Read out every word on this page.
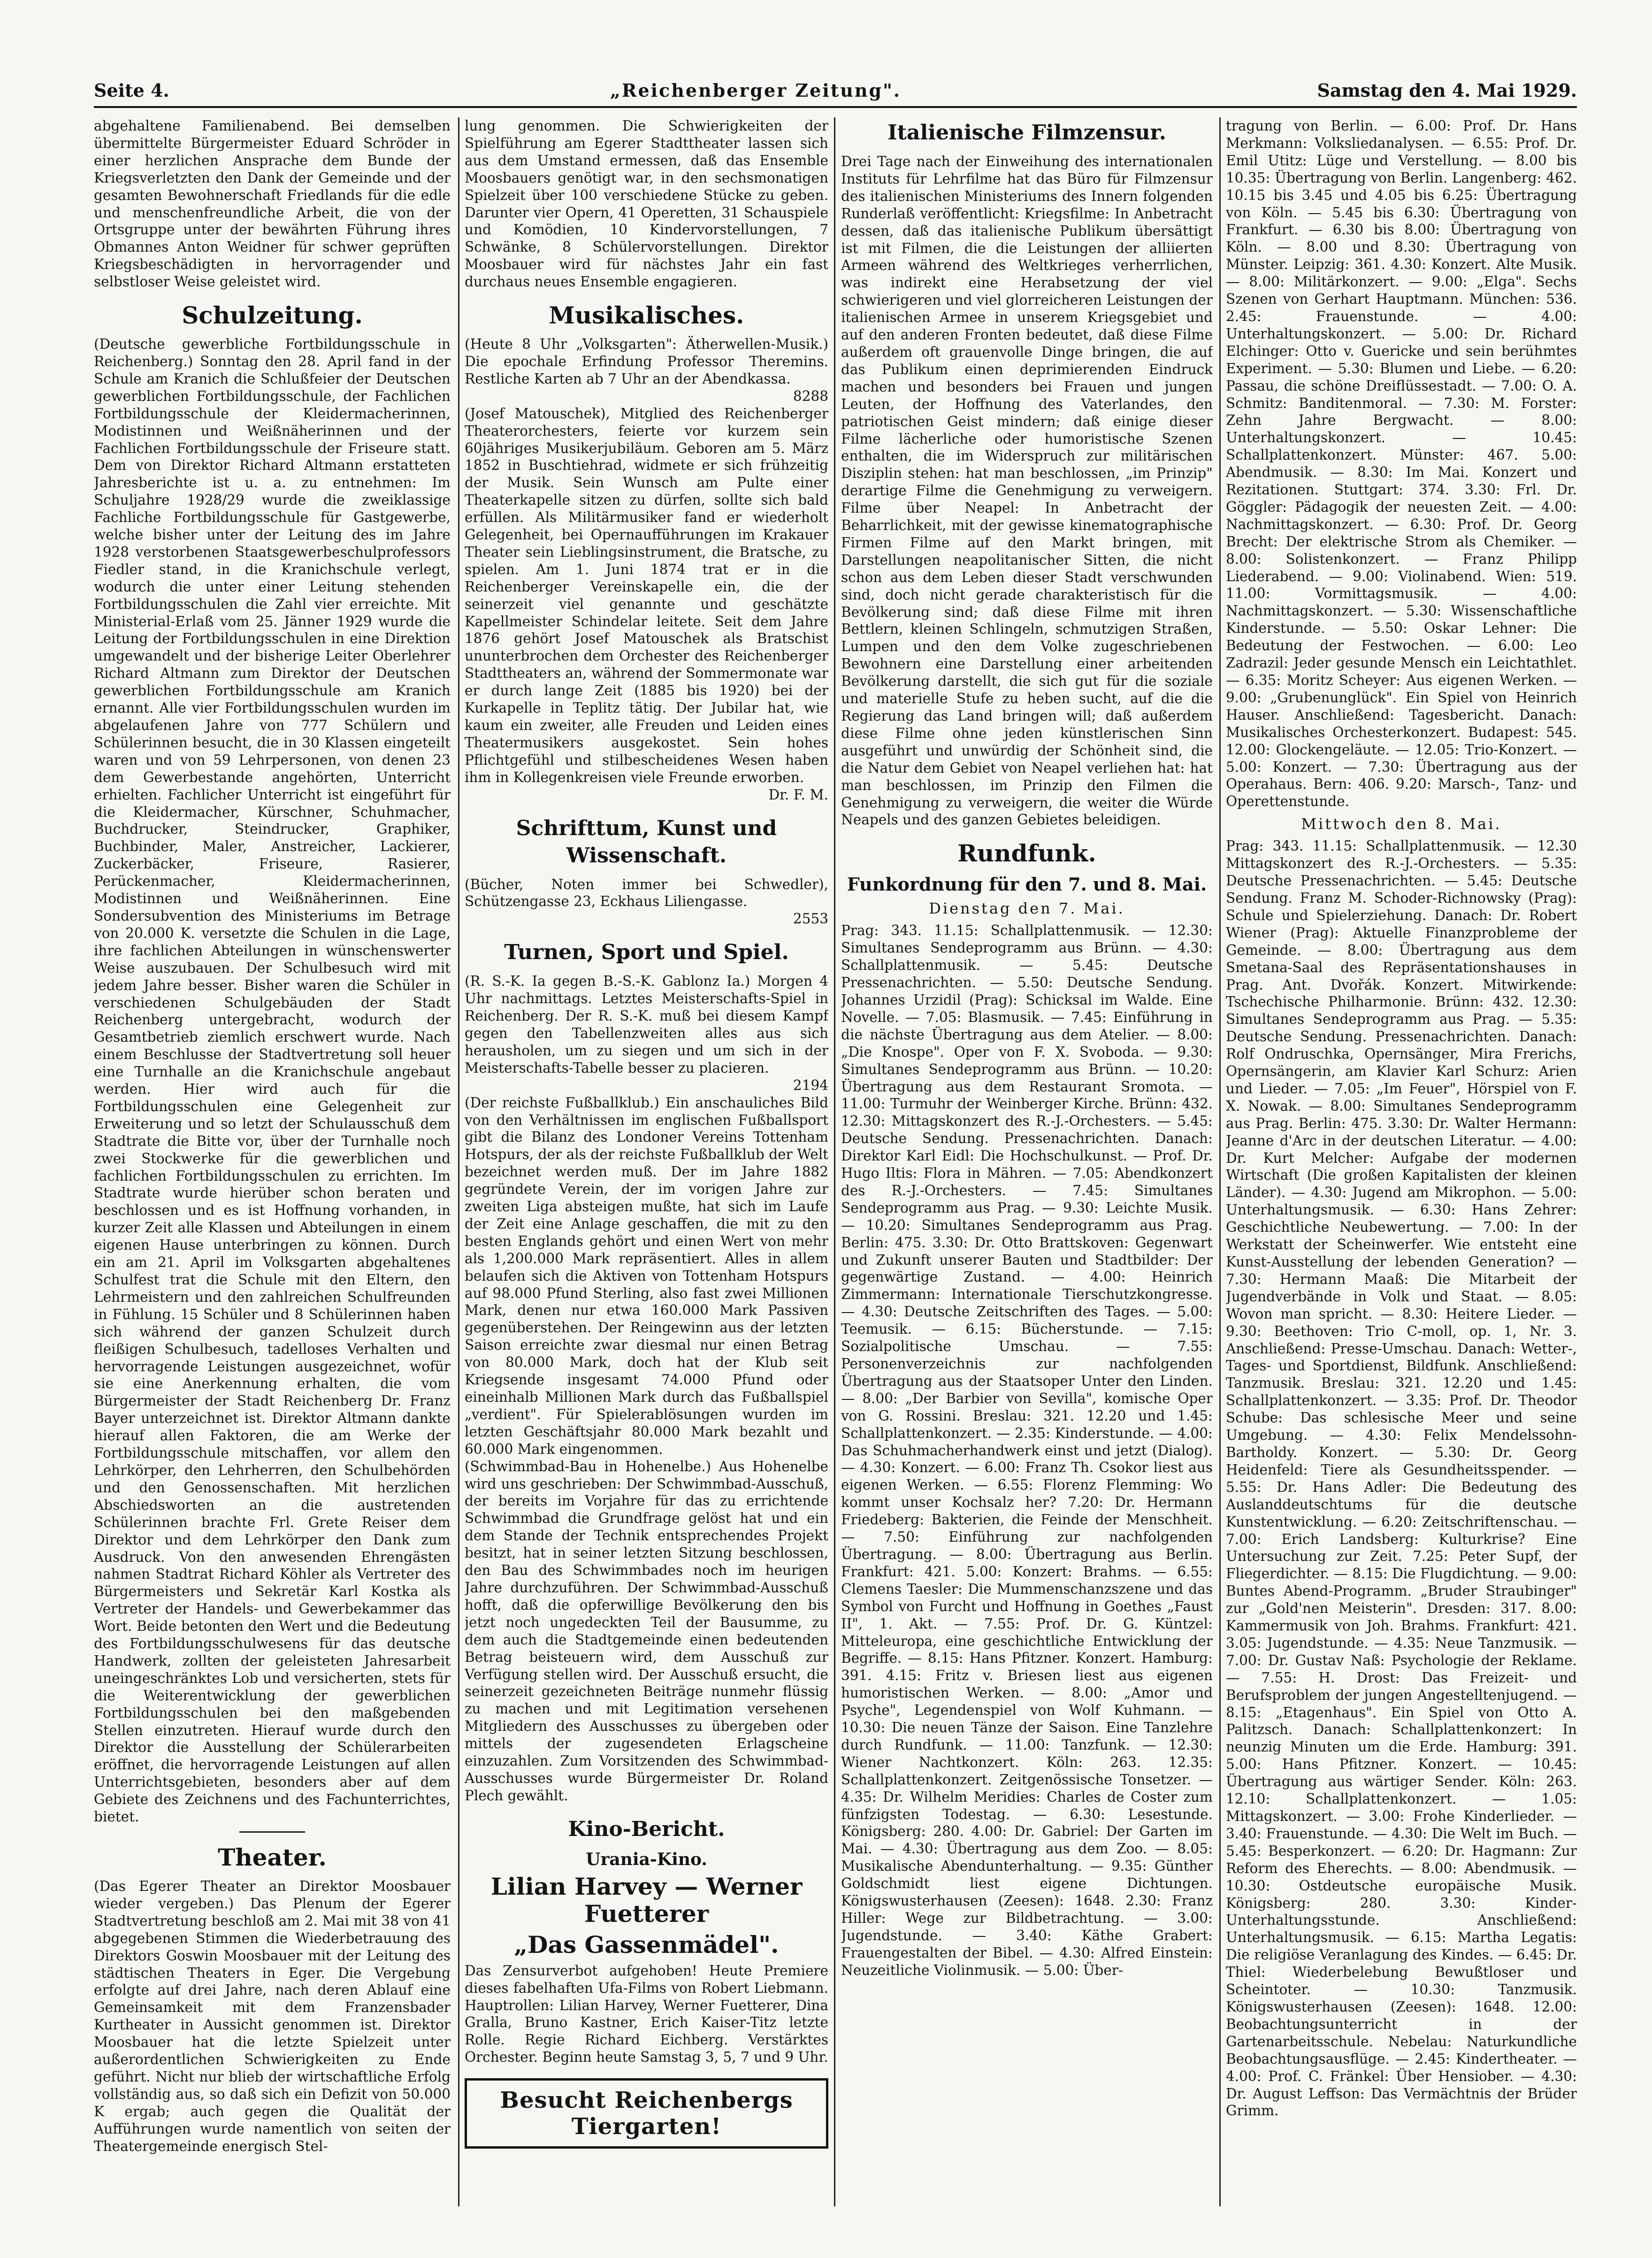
Seite 4.	„Reichenberger Zeitung".	Samstag den 4. Mai 1929.

abgehaltene Familienabend. Bei demselben übermittelte Bürgermeister Eduard Schröder in einer herzlichen Ansprache dem Bunde der Kriegsverletzten den Dank der Gemeinde und der gesamten Bewohnerschaft Friedlands für die edle und menschenfreundliche Arbeit, die von der Ortsgruppe unter der bewährten Führung ihres Obmannes Anton Weidner für schwer geprüften Kriegsbeschädigten in hervorragender und selbstloser Weise geleistet wird.

Schulzeitung.

(Deutsche gewerbliche Fortbildungsschule in Reichenberg.) Sonntag den 28. April fand in der Schule am Kranich die Schlußfeier der Deutschen gewerblichen Fortbildungsschule, der Fachlichen Fortbildungsschule der Kleidermacherinnen, Modistinnen und Weißnäherinnen und der Fachlichen Fortbildungsschule der Friseure statt. Dem von Direktor Richard Altmann erstatteten Jahresberichte ist u. a. zu entnehmen: Im Schuljahre 1928/29 wurde die zweiklassige Fachliche Fortbildungsschule für Gastgewerbe, welche bisher unter der Leitung des im Jahre 1928 verstorbenen Staatsgewerbeschulprofessors Fiedler stand, in die Kranichschule verlegt, wodurch die unter einer Leitung stehenden Fortbildungsschulen die Zahl vier erreichte. Mit Ministerial-Erlaß vom 25. Jänner 1929 wurde die Leitung der Fortbildungsschulen in eine Direktion umgewandelt und der bisherige Leiter Oberlehrer Richard Altmann zum Direktor der Deutschen gewerblichen Fortbildungsschule am Kranich ernannt. Alle vier Fortbildungsschulen wurden im abgelaufenen Jahre von 777 Schülern und Schülerinnen besucht, die in 30 Klassen eingeteilt waren und von 59 Lehrpersonen, von denen 23 dem Gewerbestande angehörten, Unterricht erhielten. Fachlicher Unterricht ist eingeführt für die Kleidermacher, Kürschner, Schuhmacher, Buchdrucker, Steindrucker, Graphiker, Buchbinder, Maler, Anstreicher, Lackierer, Zuckerbäcker, Friseure, Rasierer, Perückenmacher, Kleidermacherinnen, Modistinnen und Weißnäherinnen. Eine Sondersubvention des Ministeriums im Betrage von 20.000 K. versetzte die Schulen in die Lage, ihre fachlichen Abteilungen in wünschenswerter Weise auszubauen. Der Schulbesuch wird mit jedem Jahre besser. Bisher waren die Schüler in verschiedenen Schulgebäuden der Stadt Reichenberg untergebracht, wodurch der Gesamtbetrieb ziemlich erschwert wurde. Nach einem Beschlusse der Stadtvertretung soll heuer eine Turnhalle an die Kranichschule angebaut werden. Hier wird auch für die Fortbildungsschulen eine Gelegenheit zur Erweiterung und so letzt der Schulausschuß dem Stadtrate die Bitte vor, über der Turnhalle noch zwei Stockwerke für die gewerblichen und fachlichen Fortbildungsschulen zu errichten. Im Stadtrate wurde hierüber schon beraten und beschlossen und es ist Hoffnung vorhanden, in kurzer Zeit alle Klassen und Abteilungen in einem eigenen Hause unterbringen zu können. Durch ein am 21. April im Volksgarten abgehaltenes Schulfest trat die Schule mit den Eltern, den Lehrmeistern und den zahlreichen Schulfreunden in Fühlung. 15 Schüler und 8 Schülerinnen haben sich während der ganzen Schulzeit durch fleißigen Schulbesuch, tadelloses Verhalten und hervorragende Leistungen ausgezeichnet, wofür sie eine Anerkennung erhalten, die vom Bürgermeister der Stadt Reichenberg Dr. Franz Bayer unterzeichnet ist. Direktor Altmann dankte hierauf allen Faktoren, die am Werke der Fortbildungsschule mitschaffen, vor allem den Lehrkörper, den Lehrherren, den Schulbehörden und den Genossenschaften. Mit herzlichen Abschiedsworten an die austretenden Schülerinnen brachte Frl. Grete Reiser dem Direktor und dem Lehrkörper den Dank zum Ausdruck. Von den anwesenden Ehrengästen nahmen Stadtrat Richard Köhler als Vertreter des Bürgermeisters und Sekretär Karl Kostka als Vertreter der Handels- und Gewerbekammer das Wort. Beide betonten den Wert und die Bedeutung des Fortbildungsschulwesens für das deutsche Handwerk, zollten der geleisteten Jahresarbeit uneingeschränktes Lob und versicherten, stets für die Weiterentwicklung der gewerblichen Fortbildungsschulen bei den maßgebenden Stellen einzutreten. Hierauf wurde durch den Direktor die Ausstellung der Schülerarbeiten eröffnet, die hervorragende Leistungen auf allen Unterrichtsgebieten, besonders aber auf dem Gebiete des Zeichnens und des Fachunterrichtes, bietet.

Theater.

(Das Egerer Theater an Direktor Moosbauer wieder vergeben.) Das Plenum der Egerer Stadtvertretung beschloß am 2. Mai mit 38 von 41 abgegebenen Stimmen die Wiederbetrauung des Direktors Goswin Moosbauer mit der Leitung des städtischen Theaters in Eger. Die Vergebung erfolgte auf drei Jahre, nach deren Ablauf eine Gemeinsamkeit mit dem Franzensbader Kurtheater in Aussicht genommen ist. Direktor Moosbauer hat die letzte Spielzeit unter außerordentlichen Schwierigkeiten zu Ende geführt. Nicht nur blieb der wirtschaftliche Erfolg vollständig aus, so daß sich ein Defizit von 50.000 K ergab; auch gegen die Qualität der Aufführungen wurde namentlich von seiten der Theatergemeinde energisch Stel-

lung genommen. Die Schwierigkeiten der Spielführung am Egerer Stadttheater lassen sich aus dem Umstand ermessen, daß das Ensemble Moosbauers genötigt war, in den sechsmonatigen Spielzeit über 100 verschiedene Stücke zu geben. Darunter vier Opern, 41 Operetten, 31 Schauspiele und Komödien, 10 Kindervorstellungen, 7 Schwänke, 8 Schülervorstellungen. Direktor Moosbauer wird für nächstes Jahr ein fast durchaus neues Ensemble engagieren.

Musikalisches.

(Heute 8 Uhr „Volksgarten": Ätherwellen-Musik.) Die epochale Erfindung Professor Theremins. Restliche Karten ab 7 Uhr an der Abendkassa.

8288

(Josef Matouschek), Mitglied des Reichenberger Theaterorchesters, feierte vor kurzem sein 60jähriges Musikerjubiläum. Geboren am 5. März 1852 in Buschtiehrad, widmete er sich frühzeitig der Musik. Sein Wunsch am Pulte einer Theaterkapelle sitzen zu dürfen, sollte sich bald erfüllen. Als Militärmusiker fand er wiederholt Gelegenheit, bei Opernaufführungen im Krakauer Theater sein Lieblingsinstrument, die Bratsche, zu spielen. Am 1. Juni 1874 trat er in die Reichenberger Vereinskapelle ein, die der seinerzeit viel genannte und geschätzte Kapellmeister Schindelar leitete. Seit dem Jahre 1876 gehört Josef Matouschek als Bratschist ununterbrochen dem Orchester des Reichenberger Stadttheaters an, während der Sommermonate war er durch lange Zeit (1885 bis 1920) bei der Kurkapelle in Teplitz tätig. Der Jubilar hat, wie kaum ein zweiter, alle Freuden und Leiden eines Theatermusikers ausgekostet. Sein hohes Pflichtgefühl und stilbescheidenes Wesen haben ihm in Kollegenkreisen viele Freunde erworben.

Dr. F. M.

Schrifttum, Kunst und Wissenschaft.

(Bücher, Noten immer bei Schwedler), Schützengasse 23, Eckhaus Liliengasse.

2553

Turnen, Sport und Spiel.

(R. S.-K. Ia gegen B.-S.-K. Gablonz Ia.) Morgen 4 Uhr nachmittags. Letztes Meisterschafts-Spiel in Reichenberg. Der R. S.-K. muß bei diesem Kampf gegen den Tabellenzweiten alles aus sich herausholen, um zu siegen und um sich in der Meisterschafts-Tabelle besser zu placieren.

2194

(Der reichste Fußballklub.) Ein anschauliches Bild von den Verhältnissen im englischen Fußballsport gibt die Bilanz des Londoner Vereins Tottenham Hotspurs, der als der reichste Fußballklub der Welt bezeichnet werden muß. Der im Jahre 1882 gegründete Verein, der im vorigen Jahre zur zweiten Liga absteigen mußte, hat sich im Laufe der Zeit eine Anlage geschaffen, die mit zu den besten Englands gehört und einen Wert von mehr als 1,200.000 Mark repräsentiert. Alles in allem belaufen sich die Aktiven von Tottenham Hotspurs auf 98.000 Pfund Sterling, also fast zwei Millionen Mark, denen nur etwa 160.000 Mark Passiven gegenüberstehen. Der Reingewinn aus der letzten Saison erreichte zwar diesmal nur einen Betrag von 80.000 Mark, doch hat der Klub seit Kriegsende insgesamt 74.000 Pfund oder eineinhalb Millionen Mark durch das Fußballspiel „verdient". Für Spielerablösungen wurden im letzten Geschäftsjahr 80.000 Mark bezahlt und 60.000 Mark eingenommen.

(Schwimmbad-Bau in Hohenelbe.) Aus Hohenelbe wird uns geschrieben: Der Schwimmbad-Ausschuß, der bereits im Vorjahre für das zu errichtende Schwimmbad die Grundfrage gelöst hat und ein dem Stande der Technik entsprechendes Projekt besitzt, hat in seiner letzten Sitzung beschlossen, den Bau des Schwimmbades noch im heurigen Jahre durchzuführen. Der Schwimmbad-Ausschuß hofft, daß die opferwillige Bevölkerung den bis jetzt noch ungedeckten Teil der Bausumme, zu dem auch die Stadtgemeinde einen bedeutenden Betrag beisteuern wird, dem Ausschuß zur Verfügung stellen wird. Der Ausschuß ersucht, die seinerzeit gezeichneten Beiträge nunmehr flüssig zu machen und mit Legitimation versehenen Mitgliedern des Ausschusses zu übergeben oder mittels der zugesendeten Erlagscheine einzuzahlen. Zum Vorsitzenden des Schwimmbad-Ausschusses wurde Bürgermeister Dr. Roland Plech gewählt.

Kino-Bericht.
Urania-Kino.
Lilian Harvey — Werner Fuetterer
„Das Gassenmädel".

Das Zensurverbot aufgehoben! Heute Premiere dieses fabelhaften Ufa-Films von Robert Liebmann. Hauptrollen: Lilian Harvey, Werner Fuetterer, Dina Gralla, Bruno Kastner, Erich Kaiser-Titz letzte Rolle. Regie Richard Eichberg. Verstärktes Orchester. Beginn heute Samstag 3, 5, 7 und 9 Uhr.

Besucht Reichenbergs Tiergarten!
Italienische Filmzensur.

Drei Tage nach der Einweihung des internationalen Instituts für Lehrfilme hat das Büro für Filmzensur des italienischen Ministeriums des Innern folgenden Runderlaß veröffentlicht: Kriegsfilme: In Anbetracht dessen, daß das italienische Publikum übersättigt ist mit Filmen, die die Leistungen der alliierten Armeen während des Weltkrieges verherrlichen, was indirekt eine Herabsetzung der viel schwierigeren und viel glorreicheren Leistungen der italienischen Armee in unserem Kriegsgebiet und auf den anderen Fronten bedeutet, daß diese Filme außerdem oft grauenvolle Dinge bringen, die auf das Publikum einen deprimierenden Eindruck machen und besonders bei Frauen und jungen Leuten, der Hoffnung des Vaterlandes, den patriotischen Geist mindern; daß einige dieser Filme lächerliche oder humoristische Szenen enthalten, die im Widerspruch zur militärischen Disziplin stehen: hat man beschlossen, „im Prinzip" derartige Filme die Genehmigung zu verweigern. Filme über Neapel: In Anbetracht der Beharrlichkeit, mit der gewisse kinematographische Firmen Filme auf den Markt bringen, mit Darstellungen neapolitanischer Sitten, die nicht schon aus dem Leben dieser Stadt verschwunden sind, doch nicht gerade charakteristisch für die Bevölkerung sind; daß diese Filme mit ihren Bettlern, kleinen Schlingeln, schmutzigen Straßen, Lumpen und den dem Volke zugeschriebenen Bewohnern eine Darstellung einer arbeitenden Bevölkerung darstellt, die sich gut für die soziale und materielle Stufe zu heben sucht, auf die die Regierung das Land bringen will; daß außerdem diese Filme ohne jeden künstlerischen Sinn ausgeführt und unwürdig der Schönheit sind, die die Natur dem Gebiet von Neapel verliehen hat: hat man beschlossen, im Prinzip den Filmen die Genehmigung zu verweigern, die weiter die Würde Neapels und des ganzen Gebietes beleidigen.

Rundfunk.
Funkordnung für den 7. und 8. Mai.
Dienstag den 7. Mai.

Prag: 343. 11.15: Schallplattenmusik. — 12.30: Simultanes Sendeprogramm aus Brünn. — 4.30: Schallplattenmusik. — 5.45: Deutsche Pressenachrichten. — 5.50: Deutsche Sendung. Johannes Urzidil (Prag): Schicksal im Walde. Eine Novelle. — 7.05: Blasmusik. — 7.45: Einführung in die nächste Übertragung aus dem Atelier. — 8.00: „Die Knospe". Oper von F. X. Svoboda. — 9.30: Simultanes Sendeprogramm aus Brünn. — 10.20: Übertragung aus dem Restaurant Sromota. — 11.00: Turmuhr der Weinberger Kirche. Brünn: 432. 12.30: Mittagskonzert des R.-J.-Orchesters. — 5.45: Deutsche Sendung. Pressenachrichten. Danach: Direktor Karl Eidl: Die Hochschulkunst. — Prof. Dr. Hugo Iltis: Flora in Mähren. — 7.05: Abendkonzert des R.-J.-Orchesters. — 7.45: Simultanes Sendeprogramm aus Prag. — 9.30: Leichte Musik. — 10.20: Simultanes Sendeprogramm aus Prag. Berlin: 475. 3.30: Dr. Otto Brattskoven: Gegenwart und Zukunft unserer Bauten und Stadtbilder: Der gegenwärtige Zustand. — 4.00: Heinrich Zimmermann: Internationale Tierschutzkongresse. — 4.30: Deutsche Zeitschriften des Tages. — 5.00: Teemusik. — 6.15: Bücherstunde. — 7.15: Sozialpolitische Umschau. — 7.55: Personenverzeichnis zur nachfolgenden Übertragung aus der Staatsoper Unter den Linden. — 8.00: „Der Barbier von Sevilla", komische Oper von G. Rossini. Breslau: 321. 12.20 und 1.45: Schallplattenkonzert. — 2.35: Kinderstunde. — 4.00: Das Schuhmacherhandwerk einst und jetzt (Dialog). — 4.30: Konzert. — 6.00: Franz Th. Csokor liest aus eigenen Werken. — 6.55: Florenz Flemming: Wo kommt unser Kochsalz her? 7.20: Dr. Hermann Friedeberg: Bakterien, die Feinde der Menschheit. — 7.50: Einführung zur nachfolgenden Übertragung. — 8.00: Übertragung aus Berlin. Frankfurt: 421. 5.00: Konzert: Brahms. — 6.55: Clemens Taesler: Die Mummenschanzszene und das Symbol von Furcht und Hoffnung in Goethes „Faust II", 1. Akt. — 7.55: Prof. Dr. G. Küntzel: Mitteleuropa, eine geschichtliche Entwicklung der Begriffe. — 8.15: Hans Pfitzner. Konzert. Hamburg: 391. 4.15: Fritz v. Briesen liest aus eigenen humoristischen Werken. — 8.00: „Amor und Psyche", Legendenspiel von Wolf Kuhmann. — 10.30: Die neuen Tänze der Saison. Eine Tanzlehre durch Rundfunk. — 11.00: Tanzfunk. — 12.30: Wiener Nachtkonzert. Köln: 263. 12.35: Schallplattenkonzert. Zeitgenössische Tonsetzer. — 4.35: Dr. Wilhelm Meridies: Charles de Coster zum fünfzigsten Todestag. — 6.30: Lesestunde. Königsberg: 280. 4.00: Dr. Gabriel: Der Garten im Mai. — 4.30: Übertragung aus dem Zoo. — 8.05: Musikalische Abendunterhaltung. — 9.35: Günther Goldschmidt liest eigene Dichtungen. Königswusterhausen (Zeesen): 1648. 2.30: Franz Hiller: Wege zur Bildbetrachtung. — 3.00: Jugendstunde. — 3.40: Käthe Grabert: Frauengestalten der Bibel. — 4.30: Alfred Einstein: Neuzeitliche Violinmusik. — 5.00: Über-

tragung von Berlin. — 6.00: Prof. Dr. Hans Merkmann: Volksliedanalysen. — 6.55: Prof. Dr. Emil Utitz: Lüge und Verstellung. — 8.00 bis 10.35: Übertragung von Berlin. Langenberg: 462. 10.15 bis 3.45 und 4.05 bis 6.25: Übertragung von Köln. — 5.45 bis 6.30: Übertragung von Frankfurt. — 6.30 bis 8.00: Übertragung von Köln. — 8.00 und 8.30: Übertragung von Münster. Leipzig: 361. 4.30: Konzert. Alte Musik. — 8.00: Militärkonzert. — 9.00: „Elga". Sechs Szenen von Gerhart Hauptmann. München: 536. 2.45: Frauenstunde. — 4.00: Unterhaltungskonzert. — 5.00: Dr. Richard Elchinger: Otto v. Guericke und sein berühmtes Experiment. — 5.30: Blumen und Liebe. — 6.20: Passau, die schöne Dreiflüssestadt. — 7.00: O. A. Schmitz: Banditenmoral. — 7.30: M. Forster: Zehn Jahre Bergwacht. — 8.00: Unterhaltungskonzert. — 10.45: Schallplattenkonzert. Münster: 467. 5.00: Abendmusik. — 8.30: Im Mai. Konzert und Rezitationen. Stuttgart: 374. 3.30: Frl. Dr. Göggler: Pädagogik der neuesten Zeit. — 4.00: Nachmittagskonzert. — 6.30: Prof. Dr. Georg Brecht: Der elektrische Strom als Chemiker. — 8.00: Solistenkonzert. — Franz Philipp Liederabend. — 9.00: Violinabend. Wien: 519. 11.00: Vormittagsmusik. — 4.00: Nachmittagskonzert. — 5.30: Wissenschaftliche Kinderstunde. — 5.50: Oskar Lehner: Die Bedeutung der Festwochen. — 6.00: Leo Zadrazil: Jeder gesunde Mensch ein Leichtathlet. — 6.35: Moritz Scheyer: Aus eigenen Werken. — 9.00: „Grubenunglück". Ein Spiel von Heinrich Hauser. Anschließend: Tagesbericht. Danach: Musikalisches Orchesterkonzert. Budapest: 545. 12.00: Glockengeläute. — 12.05: Trio-Konzert. — 5.00: Konzert. — 7.30: Übertragung aus der Operahaus. Bern: 406. 9.20: Marsch-, Tanz- und Operettenstunde.

Mittwoch den 8. Mai.

Prag: 343. 11.15: Schallplattenmusik. — 12.30 Mittagskonzert des R.-J.-Orchesters. — 5.35: Deutsche Pressenachrichten. — 5.45: Deutsche Sendung. Franz M. Schoder-Richnowsky (Prag): Schule und Spielerziehung. Danach: Dr. Robert Wiener (Prag): Aktuelle Finanzprobleme der Gemeinde. — 8.00: Übertragung aus dem Smetana-Saal des Repräsentationshauses in Prag. Ant. Dvořák. Konzert. Mitwirkende: Tschechische Philharmonie. Brünn: 432. 12.30: Simultanes Sendeprogramm aus Prag. — 5.35: Deutsche Sendung. Pressenachrichten. Danach: Rolf Ondruschka, Opernsänger, Mira Frerichs, Opernsängerin, am Klavier Karl Schurz: Arien und Lieder. — 7.05: „Im Feuer", Hörspiel von F. X. Nowak. — 8.00: Simultanes Sendeprogramm aus Prag. Berlin: 475. 3.30: Dr. Walter Hermann: Jeanne d'Arc in der deutschen Literatur. — 4.00: Dr. Kurt Melcher: Aufgabe der modernen Wirtschaft (Die großen Kapitalisten der kleinen Länder). — 4.30: Jugend am Mikrophon. — 5.00: Unterhaltungsmusik. — 6.30: Hans Zehrer: Geschichtliche Neubewertung. — 7.00: In der Werkstatt der Scheinwerfer. Wie entsteht eine Kunst-Ausstellung der lebenden Generation? — 7.30: Hermann Maaß: Die Mitarbeit der Jugendverbände in Volk und Staat. — 8.05: Wovon man spricht. — 8.30: Heitere Lieder. — 9.30: Beethoven: Trio C-moll, op. 1, Nr. 3. Anschließend: Presse-Umschau. Danach: Wetter-, Tages- und Sportdienst, Bildfunk. Anschließend: Tanzmusik. Breslau: 321. 12.20 und 1.45: Schallplattenkonzert. — 3.35: Prof. Dr. Theodor Schube: Das schlesische Meer und seine Umgebung. — 4.30: Felix Mendelssohn-Bartholdy. Konzert. — 5.30: Dr. Georg Heidenfeld: Tiere als Gesundheitsspender. — 5.55: Dr. Hans Adler: Die Bedeutung des Auslanddeutschtums für die deutsche Kunstentwicklung. — 6.20: Zeitschriftenschau. — 7.00: Erich Landsberg: Kulturkrise? Eine Untersuchung zur Zeit. 7.25: Peter Supf, der Fliegerdichter. — 8.15: Die Flugdichtung. — 9.00: Buntes Abend-Programm. „Bruder Straubinger" zur „Gold'nen Meisterin". Dresden: 317. 8.00: Kammermusik von Joh. Brahms. Frankfurt: 421. 3.05: Jugendstunde. — 4.35: Neue Tanzmusik. — 7.00: Dr. Gustav Naß: Psychologie der Reklame. — 7.55: H. Drost: Das Freizeit- und Berufsproblem der jungen Angestelltenjugend. — 8.15: „Etagenhaus". Ein Spiel von Otto A. Palitzsch. Danach: Schallplattenkonzert: In neunzig Minuten um die Erde. Hamburg: 391. 5.00: Hans Pfitzner. Konzert. — 10.45: Übertragung aus wärtiger Sender. Köln: 263. 12.10: Schallplattenkonzert. — 1.05: Mittagskonzert. — 3.00: Frohe Kinderlieder. — 3.40: Frauenstunde. — 4.30: Die Welt im Buch. — 5.45: Besperkonzert. — 6.20: Dr. Hagmann: Zur Reform des Eherechts. — 8.00: Abendmusik. — 10.30: Ostdeutsche europäische Musik. Königsberg: 280. 3.30: Kinder-Unterhaltungsstunde. Anschließend: Unterhaltungsmusik. — 6.15: Martha Legatis: Die religiöse Veranlagung des Kindes. — 6.45: Dr. Thiel: Wiederbelebung Bewußtloser und Scheintoter. — 10.30: Tanzmusik. Königswusterhausen (Zeesen): 1648. 12.00: Beobachtungsunterricht in der Gartenarbeitsschule. Nebelau: Naturkundliche Beobachtungsausflüge. — 2.45: Kindertheater. — 4.00: Prof. C. Fränkel: Über Hensiober. — 4.30: Dr. August Leffson: Das Vermächtnis der Brüder Grimm.
